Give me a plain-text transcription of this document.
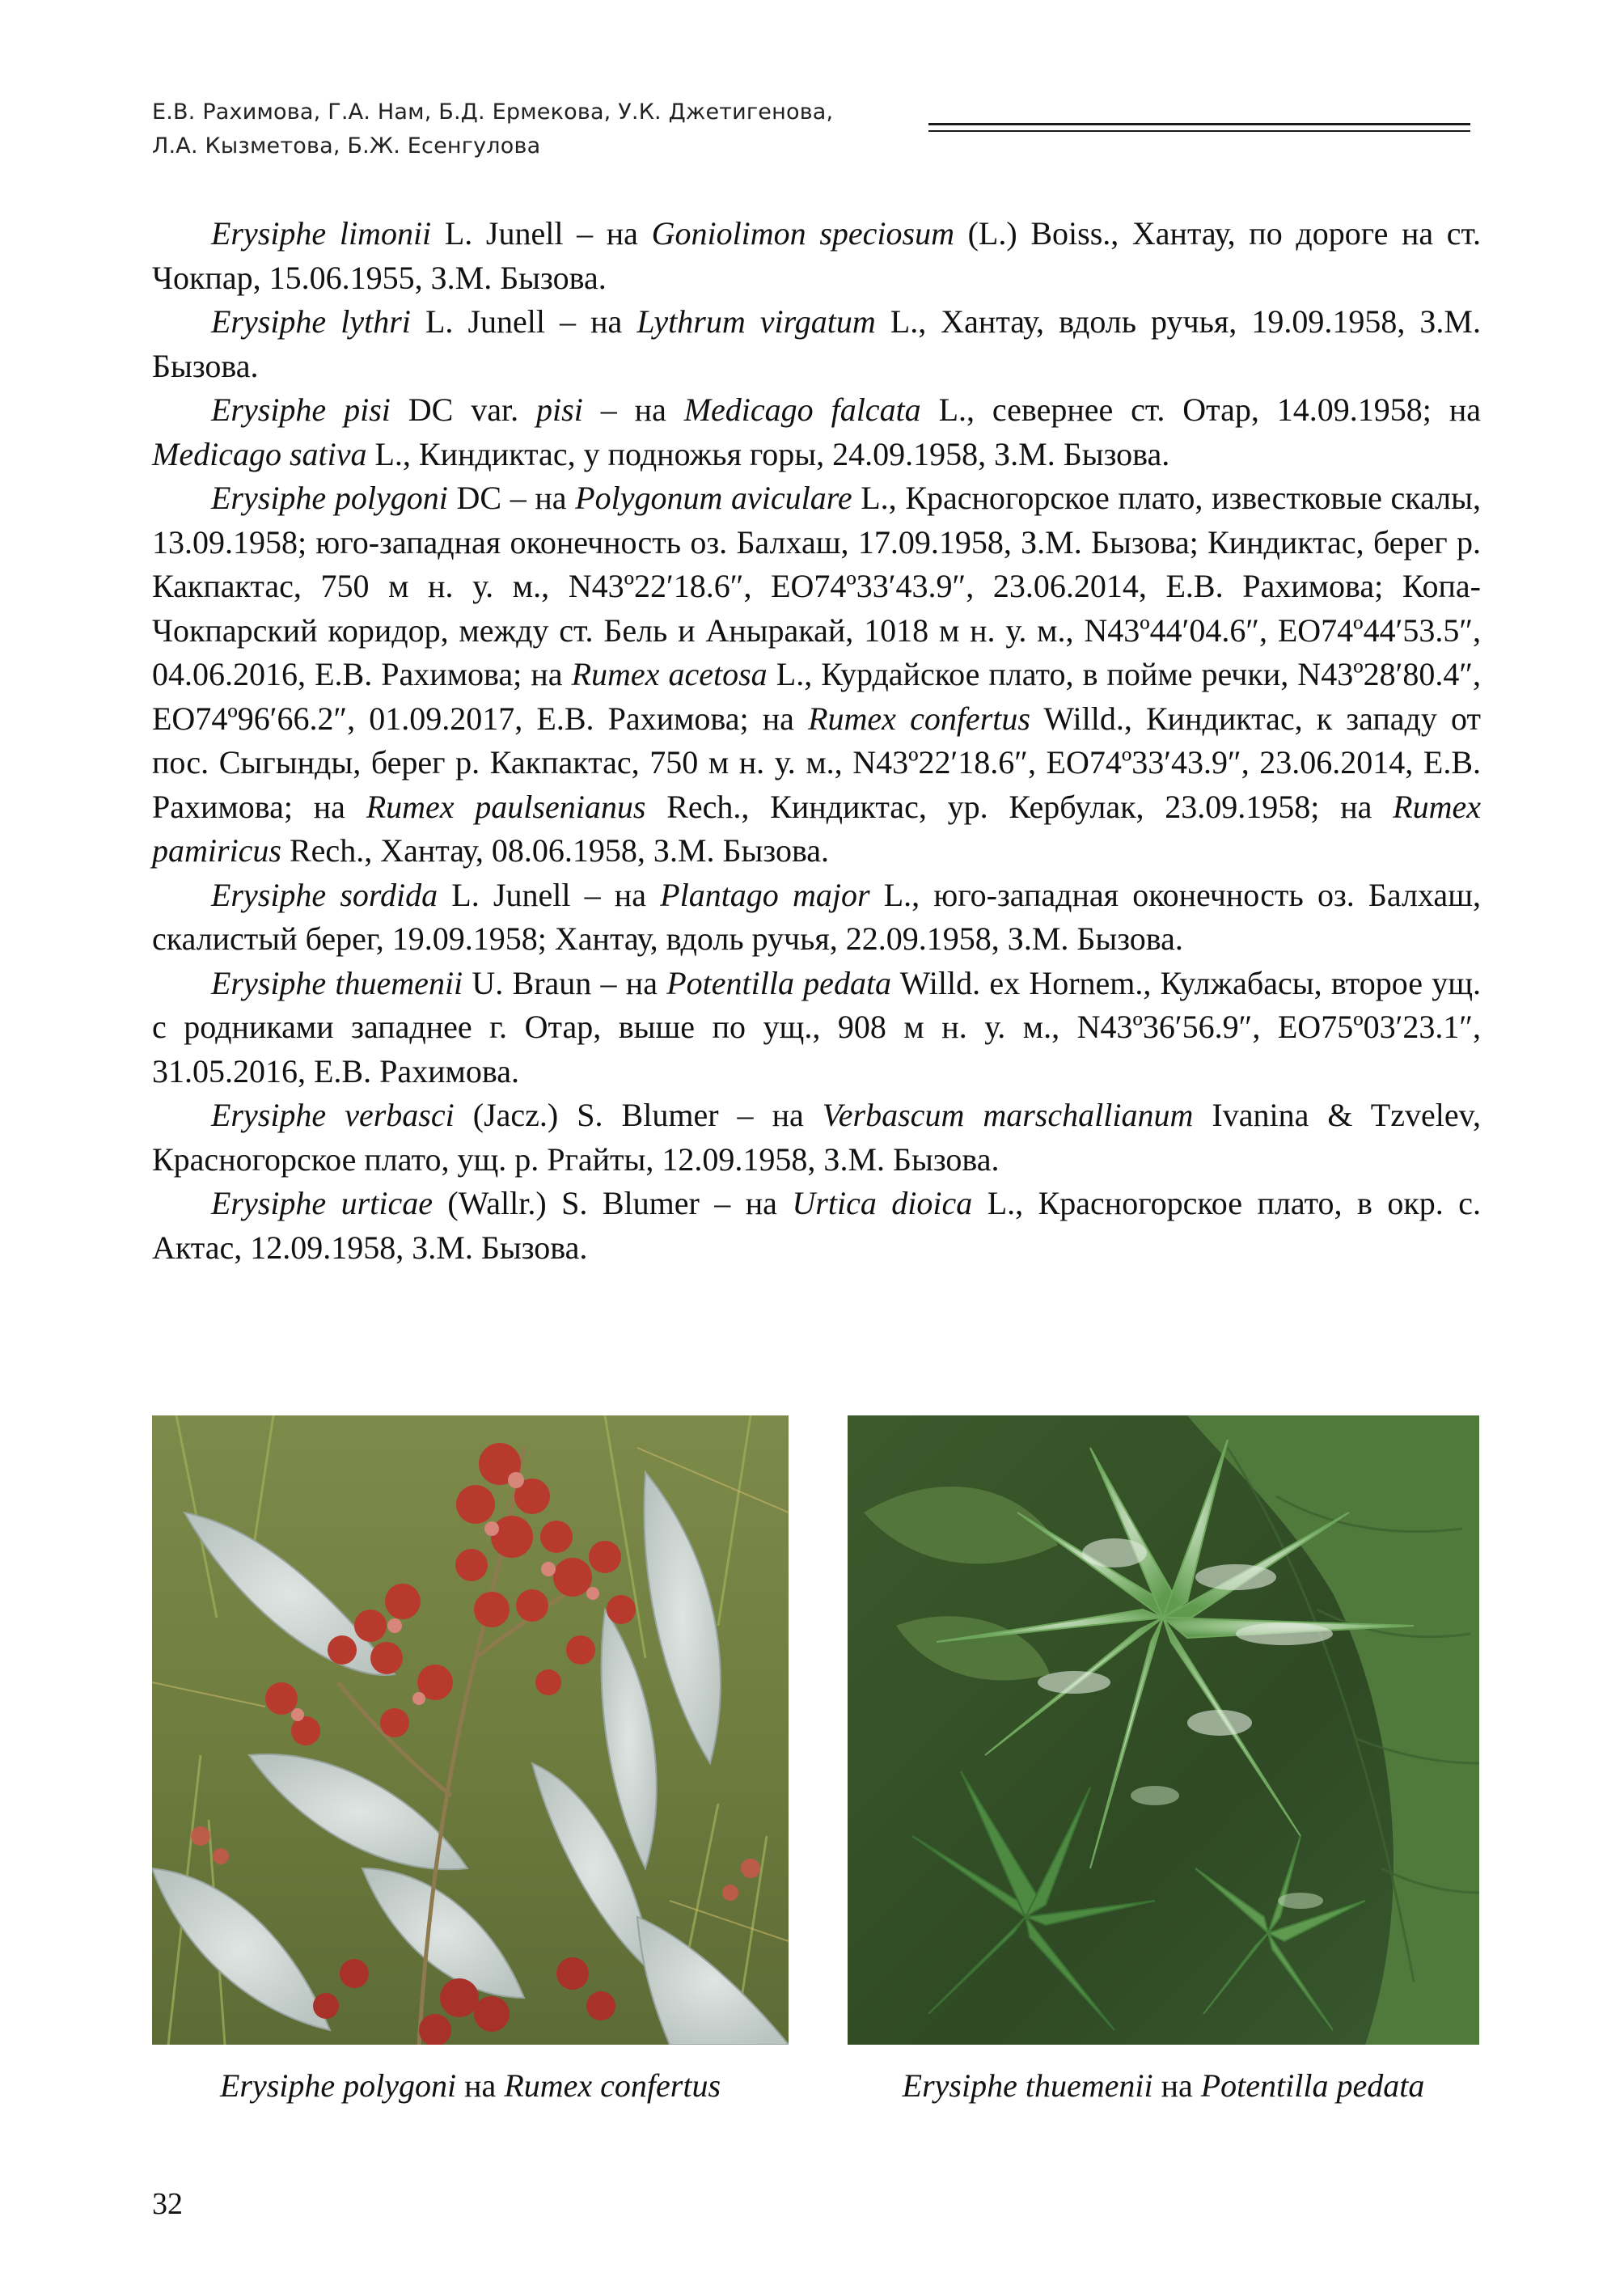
Е.В. Рахимова, Г.А. Нам, Б.Д. Ермекова, У.К. Джетигенова,
Л.А. Кызметова, Б.Ж. Есенгулова

Erysiphe limonii L. Junell – на Goniolimon speciosum (L.) Boiss., Хантау, по дороге на ст. Чокпар, 15.06.1955, З.М. Бызова.

Erysiphe lythri L. Junell – на Lythrum virgatum L., Хантау, вдоль ручья, 19.09.1958, З.М. Бызова.

Erysiphe pisi DC var. pisi – на Medicago falcata L., севернее ст. Отар, 14.09.1958; на Medicago sativa L., Киндиктас, у подножья горы, 24.09.1958, З.М. Бызова.

Erysiphe polygoni DC – на Polygonum aviculare L., Красногорское плато, известковые скалы, 13.09.1958; юго-западная оконечность оз. Балхаш, 17.09.1958, З.М. Бызова; Киндиктас, берег р. Какпактас, 750 м н. у. м., N43º22′18.6″, EO74º33′43.9″, 23.06.2014, Е.В. Рахимова; Копа-Чокпарский коридор, между ст. Бель и Аныракай, 1018 м н. у. м., N43º44′04.6″, EO74º44′53.5″, 04.06.2016, Е.В. Рахимова; на Rumex acetosa L., Курдайское плато, в пойме речки, N43º28′80.4″, EO74º96′66.2″, 01.09.2017, Е.В. Рахимова; на Rumex confertus Willd., Киндиктас, к западу от пос. Сыгынды, берег р. Какпактас, 750 м н. у. м., N43º22′18.6″, EO74º33′43.9″, 23.06.2014, Е.В. Рахимова; на Rumex paulsenianus Rech., Киндиктас, ур. Кербулак, 23.09.1958; на Rumex pamiricus Rech., Хантау, 08.06.1958, З.М. Бызова.

Erysiphe sordida L. Junell – на Plantago major L., юго-западная оконечность оз. Балхаш, скалистый берег, 19.09.1958; Хантау, вдоль ручья, 22.09.1958, З.М. Бызова.

Erysiphe thuemenii U. Braun – на Potentilla pedata Willd. ex Hornem., Кулжабасы, второе ущ. с родниками западнее г. Отар, выше по ущ., 908 м н. у. м., N43º36′56.9″, EO75º03′23.1″, 31.05.2016, Е.В. Рахимова.

Erysiphe verbasci (Jacz.) S. Blumer – на Verbascum marschallianum Ivanina & Tzvelev, Красногорское плато, ущ. р. Ргайты, 12.09.1958, З.М. Бызова.

Erysiphe urticae (Wallr.) S. Blumer – на Urtica dioica L., Красногорское плато, в окр. с. Актас, 12.09.1958, З.М. Бызова.

Erysiphe polygoni на Rumex confertus	Erysiphe thuemenii на Potentilla pedata
32
